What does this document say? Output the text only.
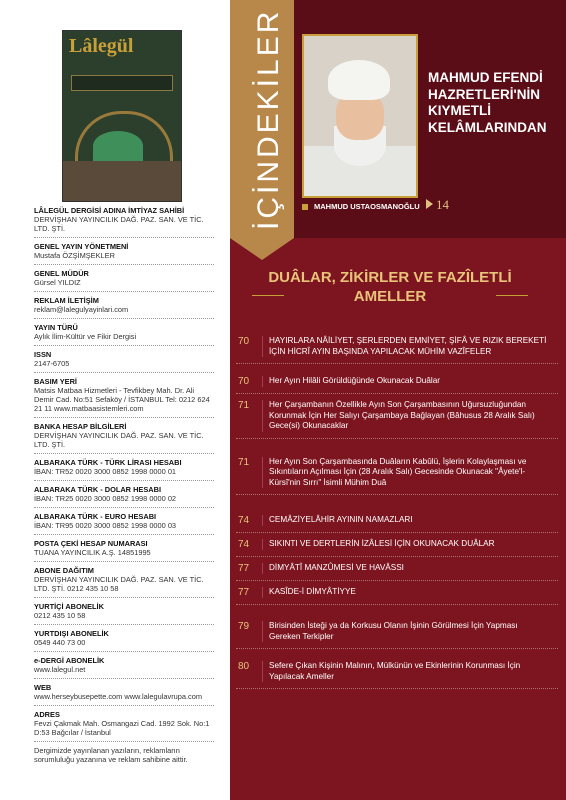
Lâlegül
LÂLEGÜL DERGİSİ ADINA İMTİYAZ SAHİBİ
DERVİŞHAN YAYINCILIK DAĞ. PAZ. SAN. VE TİC. LTD. ŞTİ.
GENEL YAYIN YÖNETMENİ
Mustafa ÖZŞİMŞEKLER
GENEL MÜDÜR
Gürsel YILDIZ
REKLAM İLETİŞİM
reklam@lalegulyayinlari.com
YAYIN TÜRÜ
Aylık İlim-Kültür ve Fikir Dergisi
ISSN
2147-6705
BASIM YERİ
Matsis Matbaa Hizmetleri - Tevfikbey Mah. Dr. Ali Demir Cad. No:51 Sefaköy / İSTANBUL Tel: 0212 624 21 11 www.matbaasistemleri.com
BANKA HESAP BİLGİLERİ
DERVİŞHAN YAYINCILIK DAĞ. PAZ. SAN. VE TİC. LTD. ŞTİ.
ALBARAKA TÜRK - TÜRK LİRASI HESABI
İBAN: TR52 0020 3000 0852 1998 0000 01
ALBARAKA TÜRK - DOLAR HESABI
İBAN: TR25 0020 3000 0852 1998 0000 02
ALBARAKA TÜRK - EURO HESABI
İBAN: TR95 0020 3000 0852 1998 0000 03
POSTA ÇEKİ HESAP NUMARASI
TUANA YAYINCILIK A.Ş. 14851995
ABONE DAĞITIM
DERVİŞHAN YAYINCILIK DAĞ. PAZ. SAN. VE TİC. LTD. ŞTİ. 0212 435 10 58
YURTİÇİ ABONELİK
0212 435 10 58
YURTDIŞI ABONELİK
0549 440 73 00
e-DERGİ ABONELİK
www.lalegul.net
WEB
www.herseybusepette.com www.lalegulavrupa.com
ADRES
Fevzi Çakmak Mah. Osmangazi Cad. 1992 Sok. No:1 D:53 Bağcılar / İstanbul
Dergimizde yayınlanan yazıların, reklamların sorumluluğu yazanına ve reklam sahibine aittir.
İÇİNDEKİLER	MAHMUD EFENDİ HAZRETLERİ'NİN KIYMETLİ KELÂMLARINDAN
MAHMUD USTAOSMANOĞLU	14
DUÂLAR, ZİKİRLER VE FAZÎLETLİ AMELLER
70	HAYIRLARA NÂİLİYET, ŞERLERDEN EMNİYET, ŞİFÂ VE RIZIK BEREKETİ İÇİN HİCRÎ AYIN BAŞINDA YAPILACAK MÜHİM VAZÎFELER
70	Her Ayın Hilâli Görüldüğünde Okunacak Duâlar
71	Her Çarşambanın Özellikle Ayın Son Çarşambasının Uğursuzluğundan Korunmak İçin Her Salıyı Çarşambaya Bağlayan (Bâhusus 28 Aralık Salı) Gece(si) Okunacaklar
71	Her Ayın Son Çarşambasında Duâların Kabûlü, İşlerin Kolaylaşması ve Sıkıntıların Açılması İçin (28 Aralık Salı) Gecesinde Okunacak "Âyete'l-Kürsî'nin Sırrı" İsimli Mühim Duâ
74	CEMÂZİYELÂHİR AYININ NAMAZLARI
74	SIKINTI VE DERTLERİN İZÂLESİ İÇİN OKUNACAK DUÂLAR
77	DİMYÂTÎ MANZÛMESİ VE HAVÂSSI
77	KASÎDE-İ DİMYÂTİYYE
79	Birisinden İsteği ya da Korkusu Olanın İşinin Görülmesi İçin Yapması Gereken Terkipler
80	Sefere Çıkan Kişinin Malının, Mülkünün ve Ekinlerinin Korunması İçin Yapılacak Ameller
